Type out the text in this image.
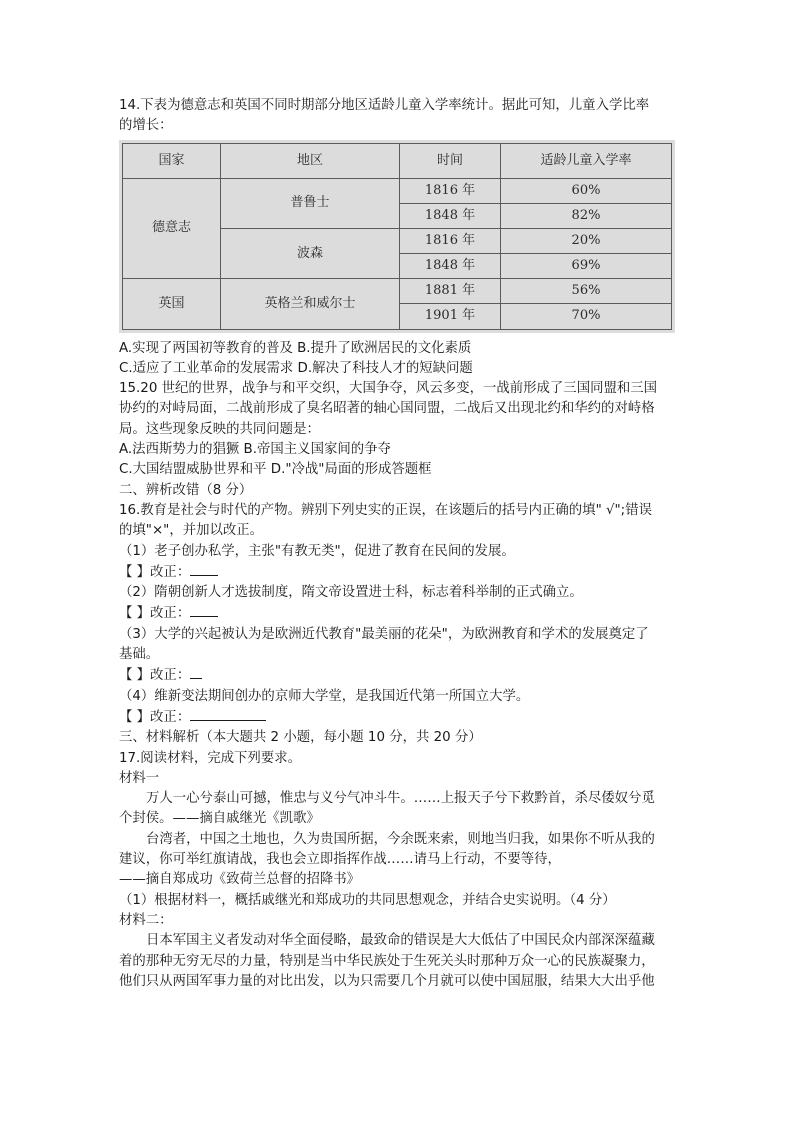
14.下表为德意志和英国不同时期部分地区适龄儿童入学率统计。据此可知，儿童入学比率

的增长：

国家	地区	时间	适龄儿童入学率
德意志	普鲁士	1816 年	60%
		1848 年	82%
	波森	1816 年	20%
		1848 年	69%
英国	英格兰和威尔士	1881 年	56%
		1901 年	70%

A.实现了两国初等教育的普及 B.提升了欧洲居民的文化素质

C.适应了工业革命的发展需求 D.解决了科技人才的短缺问题

15.20 世纪的世界，战争与和平交织，大国争夺，风云多变，一战前形成了三国同盟和三国

协约的对峙局面，二战前形成了臭名昭著的轴心国同盟，二战后又出现北约和华约的对峙格

局。这些现象反映的共同问题是：

A.法西斯势力的猖獗 B.帝国主义国家间的争夺

C.大国结盟威胁世界和平 D."冷战"局面的形成答题框

二、辨析改错（8 分）

16.教育是社会与时代的产物。辨别下列史实的正误，在该题后的括号内正确的填" √";错误

的填"×"，并加以改正。

（1）老子创办私学，主张"有教无类"，促进了教育在民间的发展。

【 】改正：

（2）隋朝创新人才选拔制度，隋文帝设置进士科，标志着科举制的正式确立。

【 】改正：

（3）大学的兴起被认为是欧洲近代教育"最美丽的花朵"，为欧洲教育和学术的发展奠定了

基础。

【 】改正：

（4）维新变法期间创办的京师大学堂，是我国近代第一所国立大学。

【 】改正：

三、材料解析（本大题共 2 小题，每小题 10 分，共 20 分）

17.阅读材料，完成下列要求。

材料一

万人一心兮泰山可撼，惟忠与义兮气冲斗牛。……上报天子兮下救黔首，杀尽倭奴兮觅

个封侯。——摘自戚继光《凯歌》

台湾者，中国之土地也，久为贵国所据，今余既来索，则地当归我，如果你不听从我的

建议，你可举红旗请战，我也会立即指挥作战……请马上行动，不要等待，

——摘自郑成功《致荷兰总督的招降书》

（1）根据材料一，概括戚继光和郑成功的共同思想观念，并结合史实说明。（4 分）

材料二：

日本军国主义者发动对华全面侵略，最致命的错误是大大低估了中国民众内部深深蕴藏

着的那种无穷无尽的力量，特别是当中华民族处于生死关头时那种万众一心的民族凝聚力，

他们只从两国军事力量的对比出发，以为只需要几个月就可以使中国屈服，结果大大出乎他
